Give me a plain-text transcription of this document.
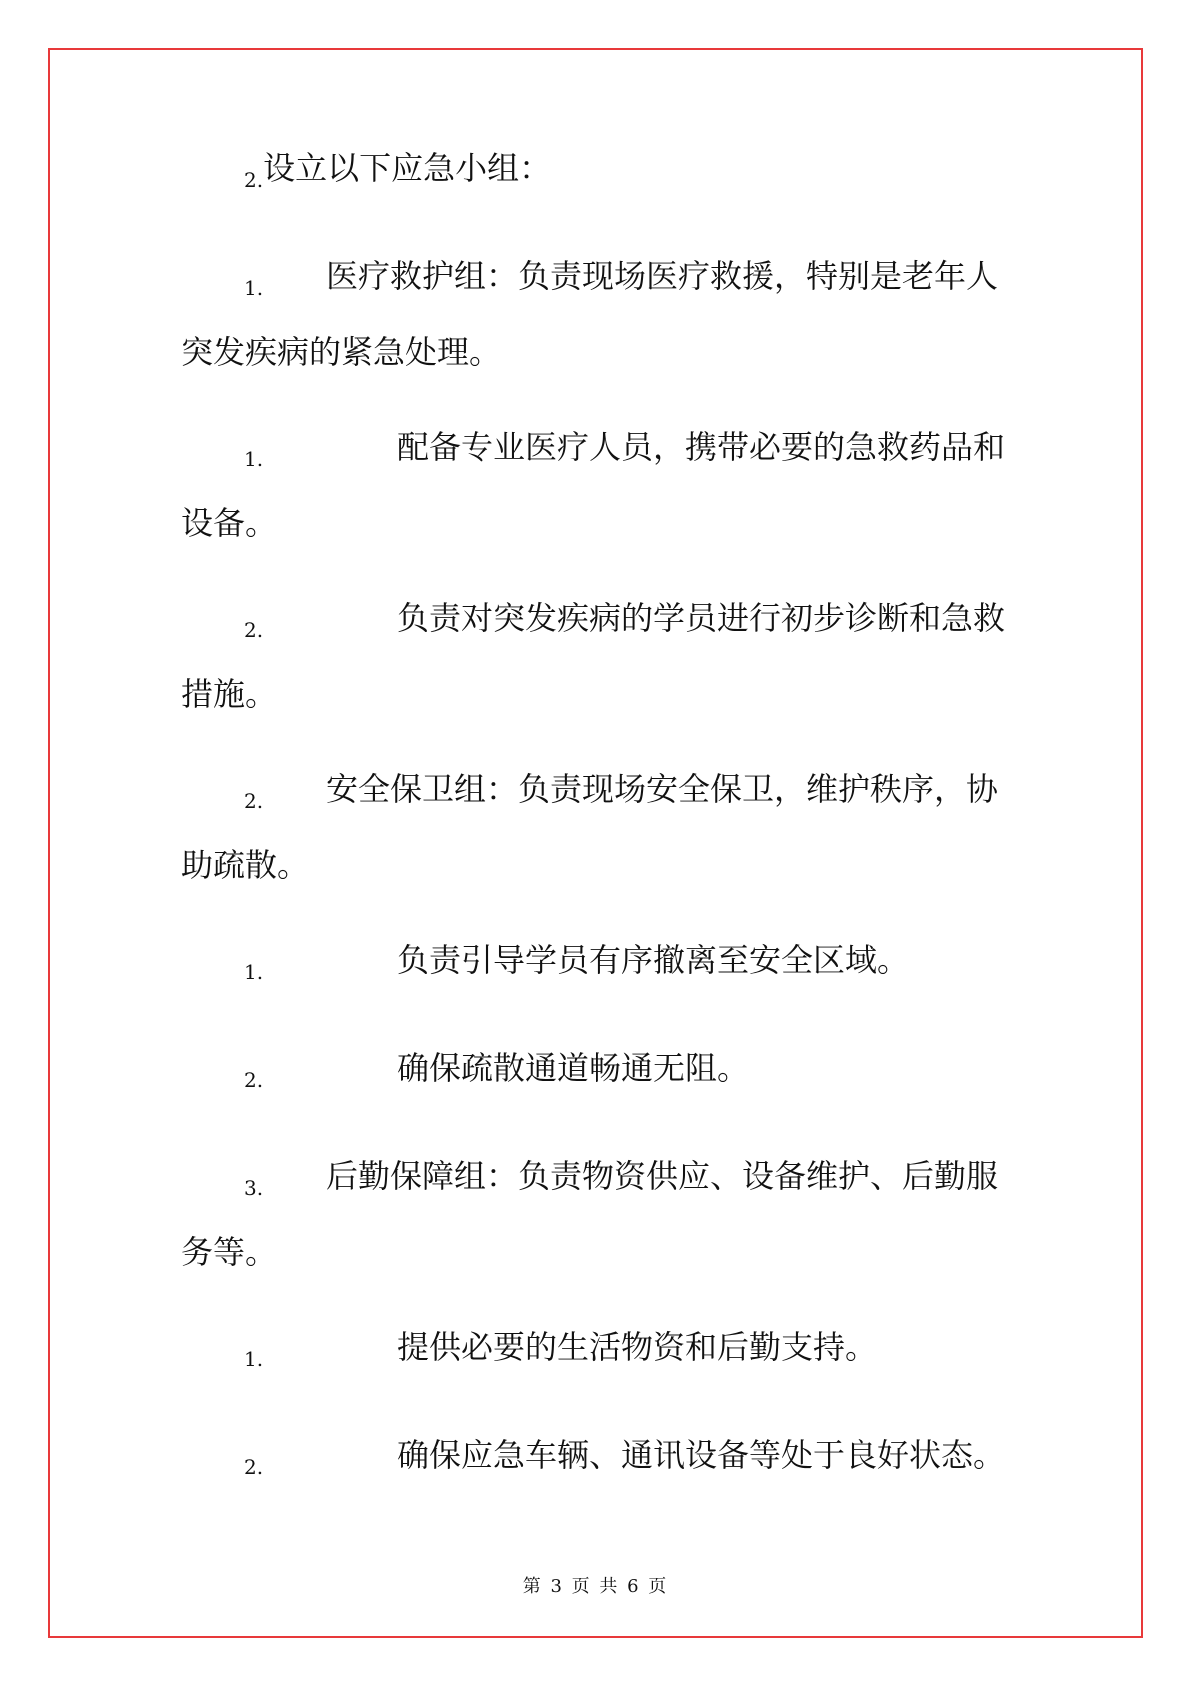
2.设立以下应急小组：
1. 医疗救护组：负责现场医疗救援，特别是老年人突发疾病的紧急处理。
1.	配备专业医疗人员，携带必要的急救药品和设备。
2.	负责对突发疾病的学员进行初步诊断和急救措施。
2. 安全保卫组：负责现场安全保卫，维护秩序，协助疏散。
1.	负责引导学员有序撤离至安全区域。
2.	确保疏散通道畅通无阻。
3. 后勤保障组：负责物资供应、设备维护、后勤服务等。
1.	提供必要的生活物资和后勤支持。
2.	确保应急车辆、通讯设备等处于良好状态。
第 3 页 共 6 页
